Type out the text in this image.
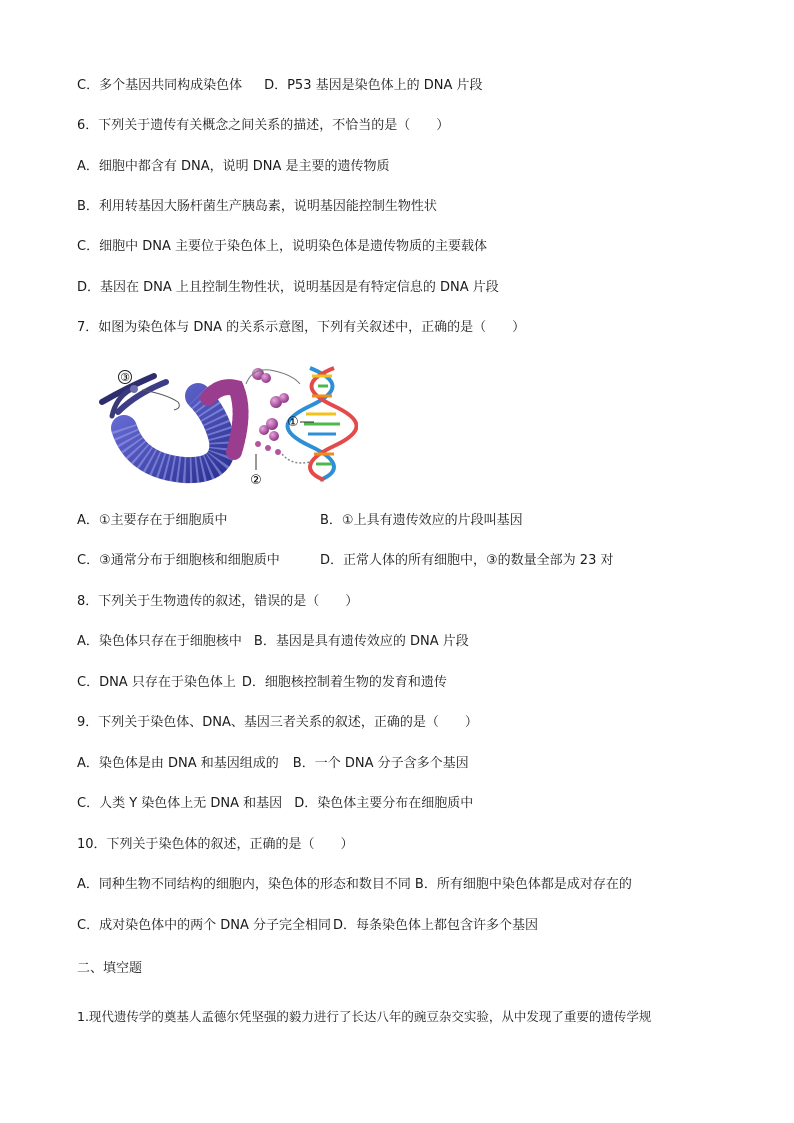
C．多个基因共同构成染色体 D．P53 基因是染色体上的 DNA 片段
6．下列关于遗传有关概念之间关系的描述，不恰当的是（　　）
A．细胞中都含有 DNA，说明 DNA 是主要的遗传物质
B．利用转基因大肠杆菌生产胰岛素，说明基因能控制生物性状
C．细胞中 DNA 主要位于染色体上，说明染色体是遗传物质的主要载体
D．基因在 DNA 上且控制生物性状，说明基因是有特定信息的 DNA 片段
7．如图为染色体与 DNA 的关系示意图，下列有关叙述中，正确的是（　　）
③
①
②
A．①主要存在于细胞质中	B．①上具有遗传效应的片段叫基因
C．③通常分布于细胞核和细胞质中	D．正常人体的所有细胞中，③的数量全部为 23 对
8．下列关于生物遗传的叙述，错误的是（　　）
A．染色体只存在于细胞核中 B．基因是具有遗传效应的 DNA 片段
C．DNA 只存在于染色体上 D．细胞核控制着生物的发育和遗传
9．下列关于染色体、DNA、基因三者关系的叙述，正确的是（　　）
A．染色体是由 DNA 和基因组成的 B．一个 DNA 分子含多个基因
C．人类 Y 染色体上无 DNA 和基因 D．染色体主要分布在细胞质中
10．下列关于染色体的叙述，正确的是（　　）
A．同种生物不同结构的细胞内，染色体的形态和数目不同 B．所有细胞中染色体都是成对存在的
C．成对染色体中的两个 DNA 分子完全相同 D．每条染色体上都包含许多个基因
二、填空题
1.现代遗传学的奠基人孟德尔凭坚强的毅力进行了长达八年的豌豆杂交实验，从中发现了重要的遗传学规
